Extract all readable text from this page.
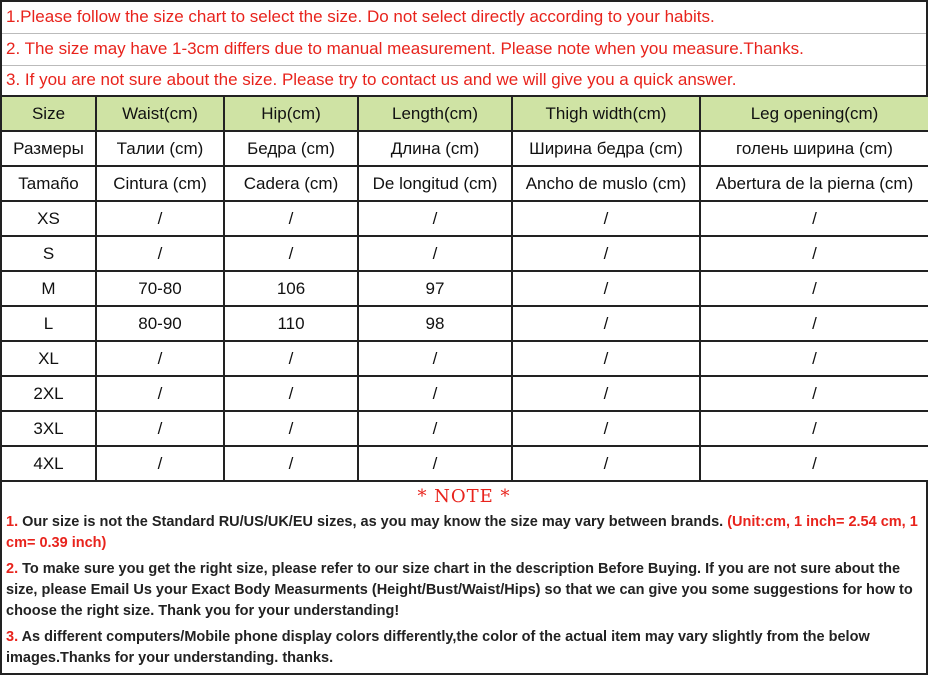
1.Please follow the size chart to select the size. Do not select directly according to your habits.
2. The size may have 1-3cm differs due to manual measurement. Please note when you measure.Thanks.
3. If you are not sure about the size. Please try to contact us and we will give you a quick answer.
Size	Waist(cm)	Hip(cm)	Length(cm)	Thigh width(cm)	Leg opening(cm)
Размеры	Талии (cm)	Бедра (cm)	Длина (cm)	Ширина бедра (cm)	голень ширина (cm)
Tamaño	Cintura (cm)	Cadera (cm)	De longitud (cm)	Ancho de muslo (cm)	Abertura de la pierna (cm)
XS	/	/	/	/	/
S	/	/	/	/	/
M	70-80	106	97	/	/
L	80-90	110	98	/	/
XL	/	/	/	/	/
2XL	/	/	/	/	/
3XL	/	/	/	/	/
4XL	/	/	/	/	/
* NOTE *

1. Our size is not the Standard RU/US/UK/EU sizes, as you may know the size may vary between brands. (Unit:cm, 1 inch= 2.54 cm, 1 cm= 0.39 inch)

2. To make sure you get the right size, please refer to our size chart in the description Before Buying. If you are not sure about the size, please Email Us your Exact Body Measurments (Height/Bust/Waist/Hips) so that we can give you some suggestions for how to choose the right size. Thank you for your understanding!

3. As different computers/Mobile phone display colors differently,the color of the actual item may vary slightly from the below images.Thanks for your understanding. thanks.
